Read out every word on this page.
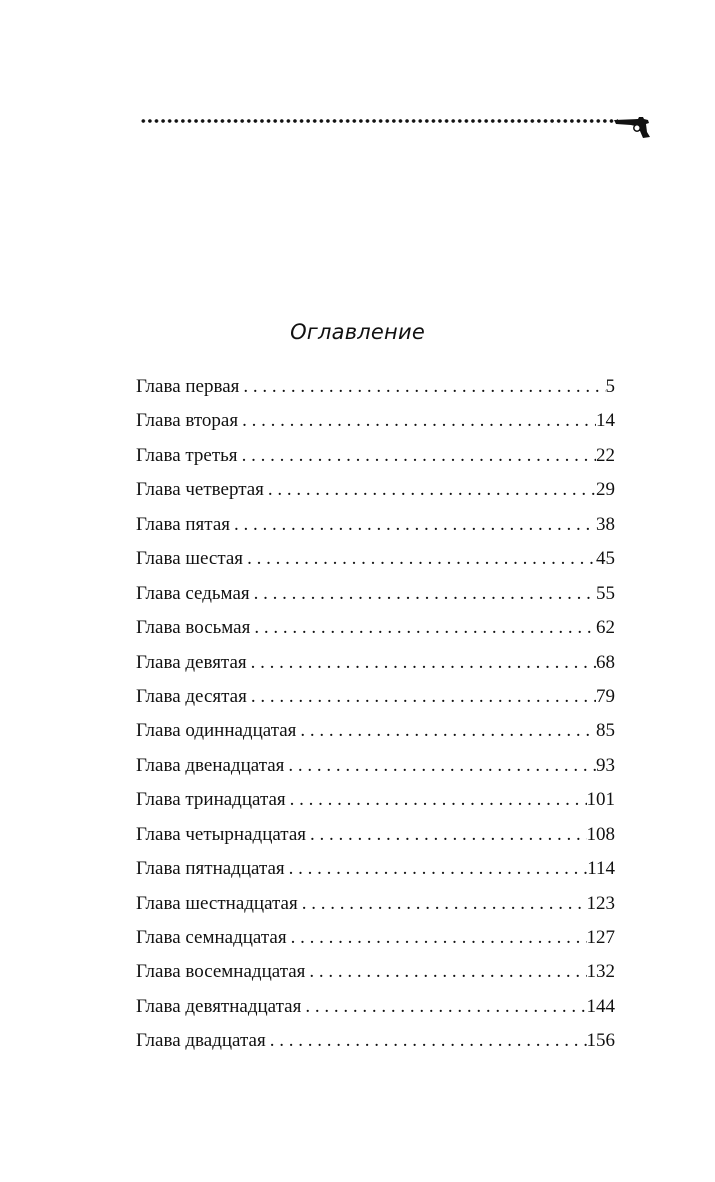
Оглавление
Глава первая . . .	5
Глава вторая . . .	14
Глава третья . . .	22
Глава четвертая . . .	29
Глава пятая . . .	38
Глава шестая . . .	45
Глава седьмая . . .	55
Глава восьмая . . .	62
Глава девятая . . .	68
Глава десятая . . .	79
Глава одиннадцатая . . .	85
Глава двенадцатая . . .	93
Глава тринадцатая . . .	101
Глава четырнадцатая . . .	108
Глава пятнадцатая . . .	114
Глава шестнадцатая . . .	123
Глава семнадцатая . . .	127
Глава восемнадцатая . . .	132
Глава девятнадцатая . . .	144
Глава двадцатая . . .	156
